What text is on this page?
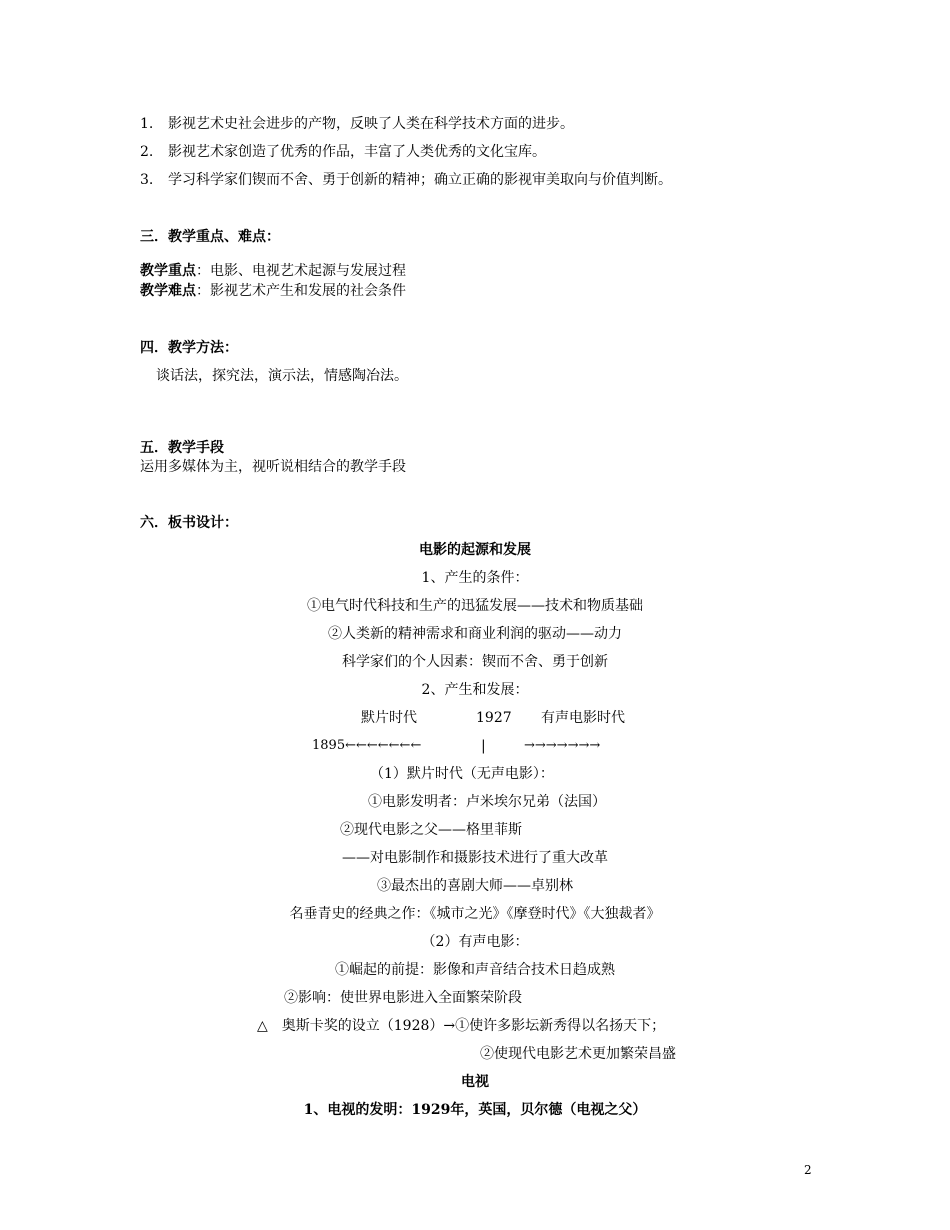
1. 影视艺术史社会进步的产物，反映了人类在科学技术方面的进步。
2. 影视艺术家创造了优秀的作品，丰富了人类优秀的文化宝库。
3. 学习科学家们锲而不舍、勇于创新的精神；确立正确的影视审美取向与价值判断。
三．教学重点、难点：
教学重点：电影、电视艺术起源与发展过程
教学难点：影视艺术产生和发展的社会条件
四．教学方法：
谈话法，探究法，演示法，情感陶冶法。
五．教学手段
运用多媒体为主，视听说相结合的教学手段
六．板书设计：
电影的起源和发展
1、产生的条件：
①电气时代科技和生产的迅猛发展——技术和物质基础
②人类新的精神需求和商业利润的驱动——动力
科学家们的个人因素：锲而不舍、勇于创新
2、产生和发展：
默片时代	1927 有声电影时代
1895←←←←←←←	|	→→→→→→→
（1）默片时代（无声电影）：
①电影发明者：卢米埃尔兄弟（法国）
②现代电影之父——格里菲斯
——对电影制作和摄影技术进行了重大改革
③最杰出的喜剧大师——卓别林
名垂青史的经典之作：《城市之光》《摩登时代》《大独裁者》
（2）有声电影：
①崛起的前提：影像和声音结合技术日趋成熟
②影响：使世界电影进入全面繁荣阶段
△　奥斯卡奖的设立（1928）→①使许多影坛新秀得以名扬天下；
②使现代电影艺术更加繁荣昌盛
电视
1、电视的发明：1929年，英国，贝尔德（电视之父）
2
